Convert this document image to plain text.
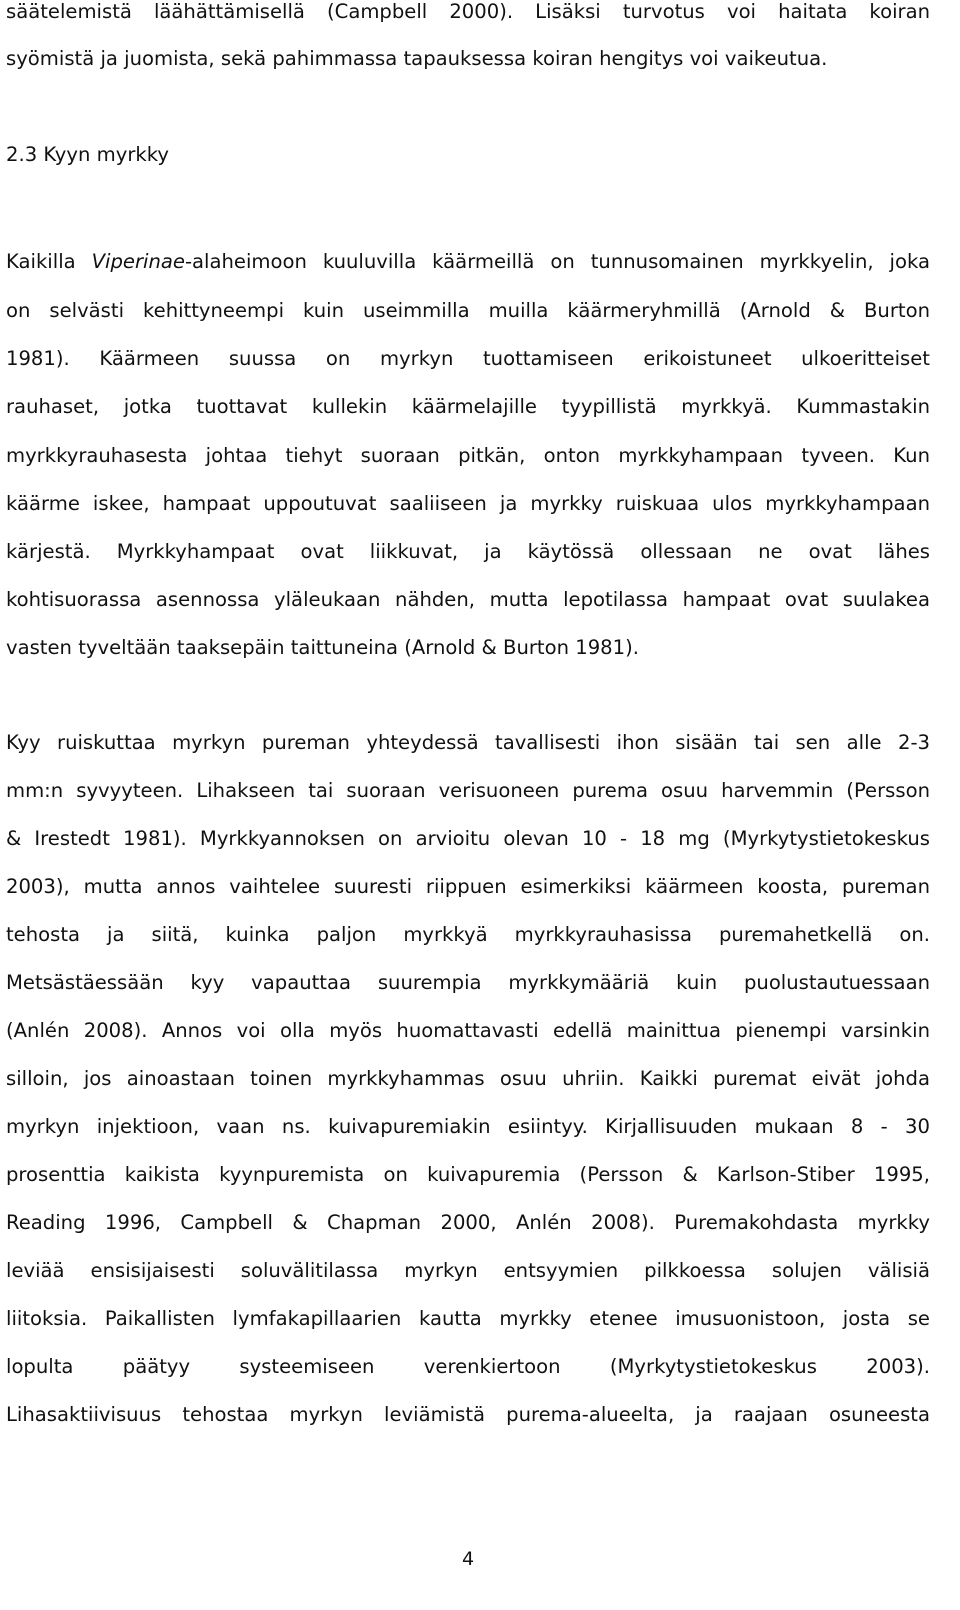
säätelemistä läähättämisellä (Campbell 2000). Lisäksi turvotus voi haitata koiran
syömistä ja juomista, sekä pahimmassa tapauksessa koiran hengitys voi vaikeutua.
2.3 Kyyn myrkky
Kaikilla Viperinae-alaheimoon kuuluvilla käärmeillä on tunnusomainen myrkkyelin, joka
on selvästi kehittyneempi kuin useimmilla muilla käärmeryhmillä (Arnold & Burton
1981). Käärmeen suussa on myrkyn tuottamiseen erikoistuneet ulkoeritteiset
rauhaset, jotka tuottavat kullekin käärmelajille tyypillistä myrkkyä. Kummastakin
myrkkyrauhasesta johtaa tiehyt suoraan pitkän, onton myrkkyhampaan tyveen. Kun
käärme iskee, hampaat uppoutuvat saaliiseen ja myrkky ruiskuaa ulos myrkkyhampaan
kärjestä. Myrkkyhampaat ovat liikkuvat, ja käytössä ollessaan ne ovat lähes
kohtisuorassa asennossa yläleukaan nähden, mutta lepotilassa hampaat ovat suulakea
vasten tyveltään taaksepäin taittuneina (Arnold & Burton 1981).
Kyy ruiskuttaa myrkyn pureman yhteydessä tavallisesti ihon sisään tai sen alle 2-3
mm:n syvyyteen. Lihakseen tai suoraan verisuoneen purema osuu harvemmin (Persson
& Irestedt 1981). Myrkkyannoksen on arvioitu olevan 10 - 18 mg (Myrkytystietokeskus
2003), mutta annos vaihtelee suuresti riippuen esimerkiksi käärmeen koosta, pureman
tehosta ja siitä, kuinka paljon myrkkyä myrkkyrauhasissa puremahetkellä on.
Metsästäessään kyy vapauttaa suurempia myrkkymääriä kuin puolustautuessaan
(Anlén 2008). Annos voi olla myös huomattavasti edellä mainittua pienempi varsinkin
silloin, jos ainoastaan toinen myrkkyhammas osuu uhriin. Kaikki puremat eivät johda
myrkyn injektioon, vaan ns. kuivapuremiakin esiintyy. Kirjallisuuden mukaan 8 - 30
prosenttia kaikista kyynpuremista on kuivapuremia (Persson & Karlson-Stiber 1995,
Reading 1996, Campbell & Chapman 2000, Anlén 2008). Puremakohdasta myrkky
leviää ensisijaisesti soluvälitilassa myrkyn entsyymien pilkkoessa solujen välisiä
liitoksia. Paikallisten lymfakapillaarien kautta myrkky etenee imusuonistoon, josta se
lopulta päätyy systeemiseen verenkiertoon (Myrkytystietokeskus 2003).
Lihasaktiivisuus tehostaa myrkyn leviämistä purema-alueelta, ja raajaan osuneesta
4
